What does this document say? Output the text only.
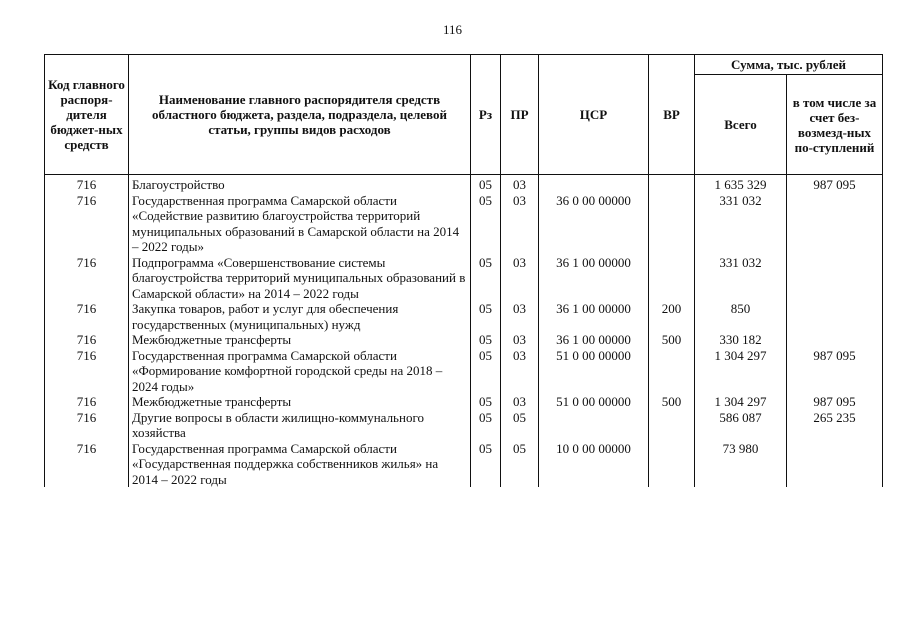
116
Код главного распоря-дителя бюджет-ных средств	Наименование главного распорядителя средств областного бюджета, раздела, подраздела, целевой статьи, группы видов расходов	Рз	ПР	ЦСР	ВР	Сумма, тыс. рублей	
						Всего	в том числе за счет без-возмезд-ных по-ступлений
716	Благоустройство	05	03			1 635 329	987 095
716	Государственная программа Самарской области «Содействие развитию благоустройства территорий муниципальных образований в Самарской области на 2014 – 2022 годы»	05	03	36 0 00 00000		331 032	
716	Подпрограмма «Совершенствование системы благоустройства территорий муниципальных образований в Самарской области» на 2014 – 2022 годы	05	03	36 1 00 00000		331 032	
716	Закупка товаров, работ и услуг для обеспечения государственных (муниципальных) нужд	05	03	36 1 00 00000	200	850	
716	Межбюджетные трансферты	05	03	36 1 00 00000	500	330 182	
716	Государственная программа Самарской области «Формирование комфортной городской среды на 2018 – 2024 годы»	05	03	51 0 00 00000		1 304 297	987 095
716	Межбюджетные трансферты	05	03	51 0 00 00000	500	1 304 297	987 095
716	Другие вопросы в области жилищно-коммунального хозяйства	05	05			586 087	265 235
716	Государственная программа Самарской области «Государственная поддержка собственников жилья» на 2014 – 2022 годы	05	05	10 0 00 00000		73 980	
